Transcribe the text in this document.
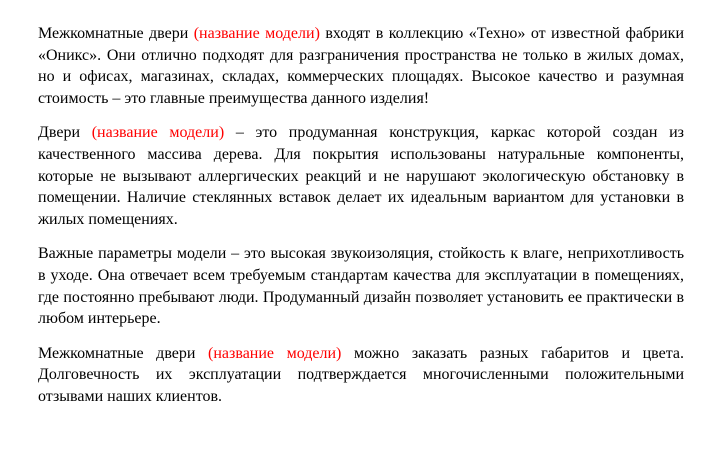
Межкомнатные двери (название модели) входят в коллекцию «Техно» от известной фабрики «Оникс». Они отлично подходят для разграничения пространства не только в жилых домах, но и офисах, магазинах, складах, коммерческих площадях. Высокое качество и разумная стоимость – это главные преимущества данного изделия!

Двери (название модели) – это продуманная конструкция, каркас которой создан из качественного массива дерева. Для покрытия использованы натуральные компоненты, которые не вызывают аллергических реакций и не нарушают экологическую обстановку в помещении. Наличие стеклянных вставок делает их идеальным вариантом для установки в жилых помещениях.

Важные параметры модели – это высокая звукоизоляция, стойкость к влаге, неприхотливость в уходе. Она отвечает всем требуемым стандартам качества для эксплуатации в помещениях, где постоянно пребывают люди. Продуманный дизайн позволяет установить ее практически в любом интерьере.

Межкомнатные двери (название модели) можно заказать разных габаритов и цвета. Долговечность их эксплуатации подтверждается многочисленными положительными отзывами наших клиентов.
